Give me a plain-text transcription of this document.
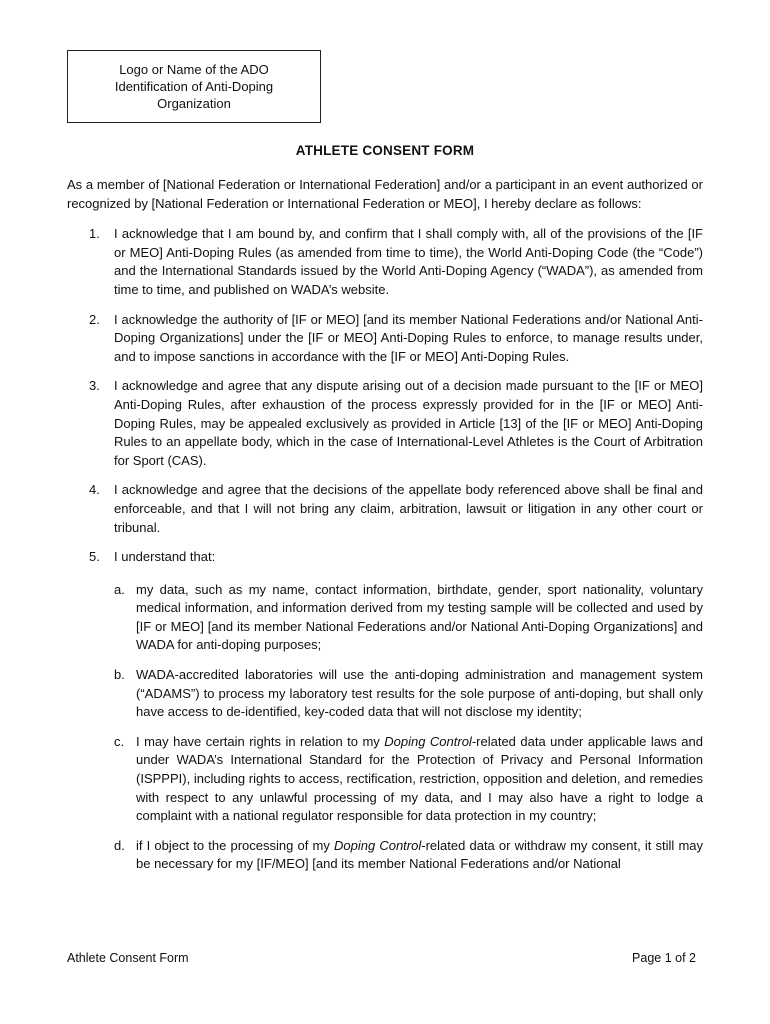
Logo or Name of the ADO
Identification of Anti-Doping
Organization
ATHLETE CONSENT FORM

As a member of [National Federation or International Federation] and/or a participant in an event authorized or recognized by [National Federation or International Federation or MEO], I hereby declare as follows:

1. I acknowledge that I am bound by, and confirm that I shall comply with, all of the provisions of the [IF or MEO] Anti-Doping Rules (as amended from time to time), the World Anti-Doping Code (the “Code”) and the International Standards issued by the World Anti-Doping Agency (“WADA”), as amended from time to time, and published on WADA’s website.
2. I acknowledge the authority of [IF or MEO] [and its member National Federations and/or National Anti-Doping Organizations] under the [IF or MEO] Anti-Doping Rules to enforce, to manage results under, and to impose sanctions in accordance with the [IF or MEO] Anti-Doping Rules.
3. I acknowledge and agree that any dispute arising out of a decision made pursuant to the [IF or MEO] Anti-Doping Rules, after exhaustion of the process expressly provided for in the [IF or MEO] Anti-Doping Rules, may be appealed exclusively as provided in Article [13] of the [IF or MEO] Anti-Doping Rules to an appellate body, which in the case of International-Level Athletes is the Court of Arbitration for Sport (CAS).
4. I acknowledge and agree that the decisions of the appellate body referenced above shall be final and enforceable, and that I will not bring any claim, arbitration, lawsuit or litigation in any other court or tribunal.
5. I understand that:
a. my data, such as my name, contact information, birthdate, gender, sport nationality, voluntary medical information, and information derived from my testing sample will be collected and used by [IF or MEO] [and its member National Federations and/or National Anti-Doping Organizations] and WADA for anti-doping purposes;
b. WADA-accredited laboratories will use the anti-doping administration and management system (“ADAMS”) to process my laboratory test results for the sole purpose of anti-doping, but shall only have access to de-identified, key-coded data that will not disclose my identity;
c. I may have certain rights in relation to my Doping Control-related data under applicable laws and under WADA’s International Standard for the Protection of Privacy and Personal Information (ISPPPI), including rights to access, rectification, restriction, opposition and deletion, and remedies with respect to any unlawful processing of my data, and I may also have a right to lodge a complaint with a national regulator responsible for data protection in my country;
d. if I object to the processing of my Doping Control-related data or withdraw my consent, it still may be necessary for my [IF/MEO] [and its member National Federations and/or National
Athlete Consent Form	Page 1 of 2
